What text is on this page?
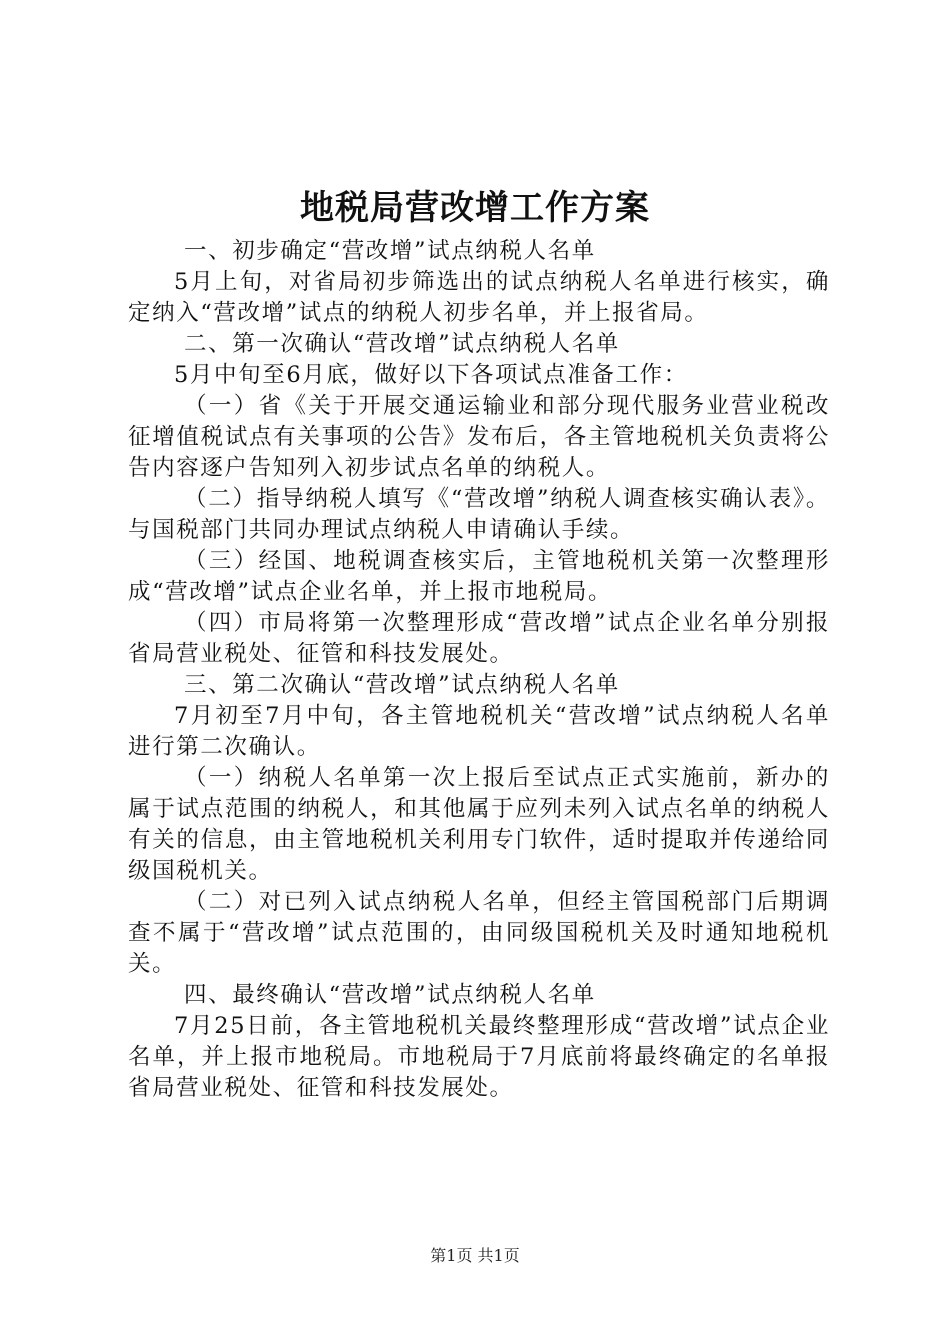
地税局营改增工作方案

一、初步确定“营改增”试点纳税人名单

5月上旬，对省局初步筛选出的试点纳税人名单进行核实，确定纳入“营改增”试点的纳税人初步名单，并上报省局。

二、第一次确认“营改增”试点纳税人名单

5月中旬至6月底，做好以下各项试点准备工作：

（一）省《关于开展交通运输业和部分现代服务业营业税改征增值税试点有关事项的公告》发布后，各主管地税机关负责将公告内容逐户告知列入初步试点名单的纳税人。

（二）指导纳税人填写《“营改增”纳税人调查核实确认表》。与国税部门共同办理试点纳税人申请确认手续。

（三）经国、地税调查核实后，主管地税机关第一次整理形成“营改增”试点企业名单，并上报市地税局。

（四）市局将第一次整理形成“营改增”试点企业名单分别报省局营业税处、征管和科技发展处。

三、第二次确认“营改增”试点纳税人名单

7月初至7月中旬，各主管地税机关“营改增”试点纳税人名单进行第二次确认。

（一）纳税人名单第一次上报后至试点正式实施前，新办的属于试点范围的纳税人，和其他属于应列未列入试点名单的纳税人有关的信息，由主管地税机关利用专门软件，适时提取并传递给同级国税机关。

（二）对已列入试点纳税人名单，但经主管国税部门后期调查不属于“营改增”试点范围的，由同级国税机关及时通知地税机关。

四、最终确认“营改增”试点纳税人名单

7月25日前，各主管地税机关最终整理形成“营改增”试点企业名单，并上报市地税局。市地税局于7月底前将最终确定的名单报省局营业税处、征管和科技发展处。

第1页 共1页
